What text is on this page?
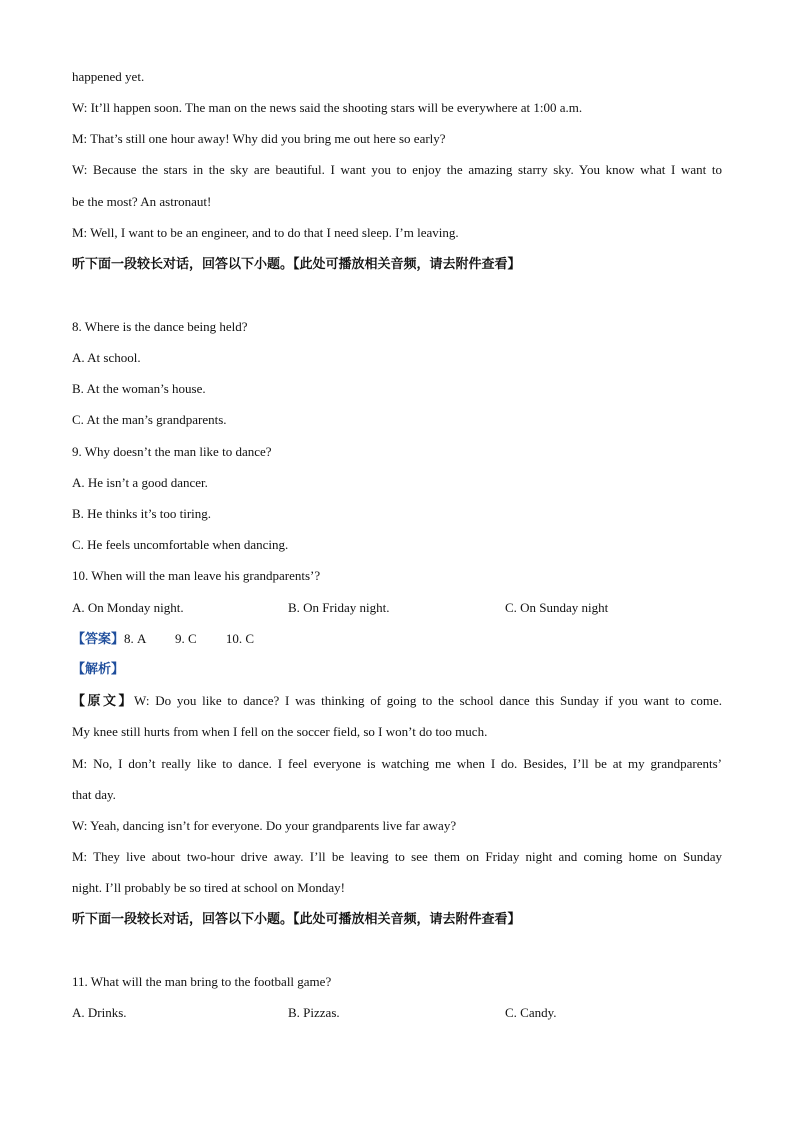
happened yet.
W: It’ll happen soon. The man on the news said the shooting stars will be everywhere at 1:00 a.m.
M: That’s still one hour away! Why did you bring me out here so early?
W: Because the stars in the sky are beautiful. I want you to enjoy the amazing starry sky. You know what I want to
be the most? An astronaut!
M: Well, I want to be an engineer, and to do that I need sleep. I’m leaving.
听下面一段较长对话，回答以下小题。【此处可播放相关音频，请去附件查看】
8. Where is the dance being held?
A. At school.
B. At the woman’s house.
C. At the man’s grandparents.
9. Why doesn’t the man like to dance?
A. He isn’t a good dancer.
B. He thinks it’s too tiring.
C. He feels uncomfortable when dancing.
10. When will the man leave his grandparents’?
A. On Monday night.	B. On Friday night.	C. On Sunday night
【答案】8. A 9. C 10. C
【解析】
【原文】W: Do you like to dance? I was thinking of going to the school dance this Sunday if you want to come.
My knee still hurts from when I fell on the soccer field, so I won’t do too much.
M: No, I don’t really like to dance. I feel everyone is watching me when I do. Besides, I’ll be at my grandparents’
that day.
W: Yeah, dancing isn’t for everyone. Do your grandparents live far away?
M: They live about two-hour drive away. I’ll be leaving to see them on Friday night and coming home on Sunday
night. I’ll probably be so tired at school on Monday!
听下面一段较长对话，回答以下小题。【此处可播放相关音频，请去附件查看】
11. What will the man bring to the football game?
A. Drinks.	B. Pizzas.	C. Candy.
